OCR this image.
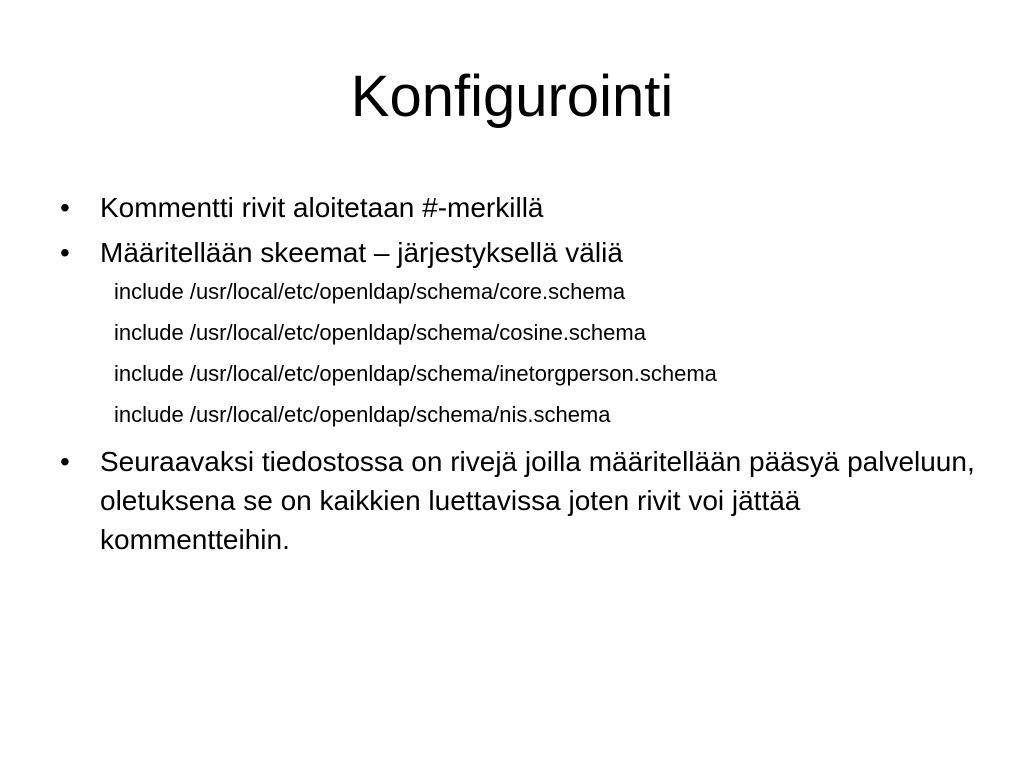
Konfigurointi
• Kommentti rivit aloitetaan #-merkillä
• Määritellään skeemat – järjestyksellä väliä
include /usr/local/etc/openldap/schema/core.schema
include /usr/local/etc/openldap/schema/cosine.schema
include /usr/local/etc/openldap/schema/inetorgperson.schema
include /usr/local/etc/openldap/schema/nis.schema
• Seuraavaksi tiedostossa on rivejä joilla määritellään pääsyä palveluun, oletuksena se on kaikkien luettavissa joten rivit voi jättää kommentteihin.
